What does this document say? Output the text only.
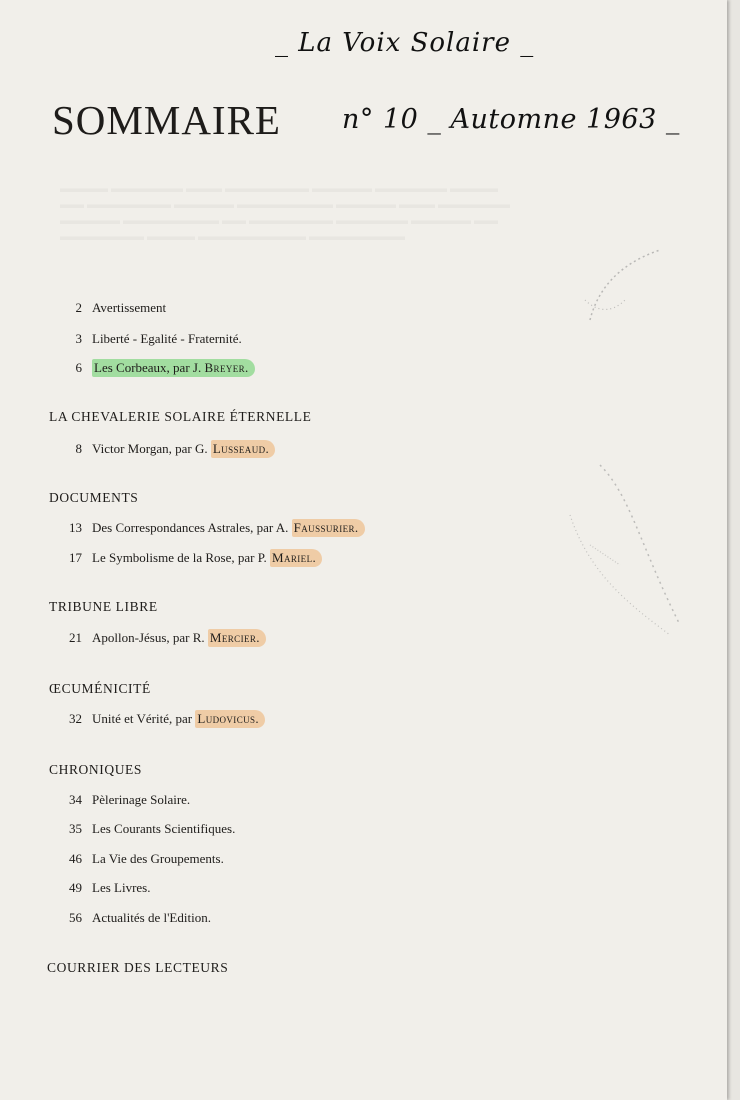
_ La Voix Solaire _
SOMMAIRE n° 10 _ Automne 1963 _
2 Avertissement
3 Liberté - Egalité - Fraternité.
6 Les Corbeaux, par J. Breyer.
LA CHEVALERIE SOLAIRE ÉTERNELLE
8 Victor Morgan, par G. Lusseaud.
DOCUMENTS
13 Des Correspondances Astrales, par A. Faussurier.
17 Le Symbolisme de la Rose, par P. Mariel.
TRIBUNE LIBRE
21 Apollon-Jésus, par R. Mercier.
ŒCUMÉNICITÉ
32 Unité et Vérité, par Ludovicus.
CHRONIQUES
34 Pèlerinage Solaire.
35 Les Courants Scientifiques.
46 La Vie des Groupements.
49 Les Livres.
56 Actualités de l'Edition.
COURRIER DES LECTEURS
